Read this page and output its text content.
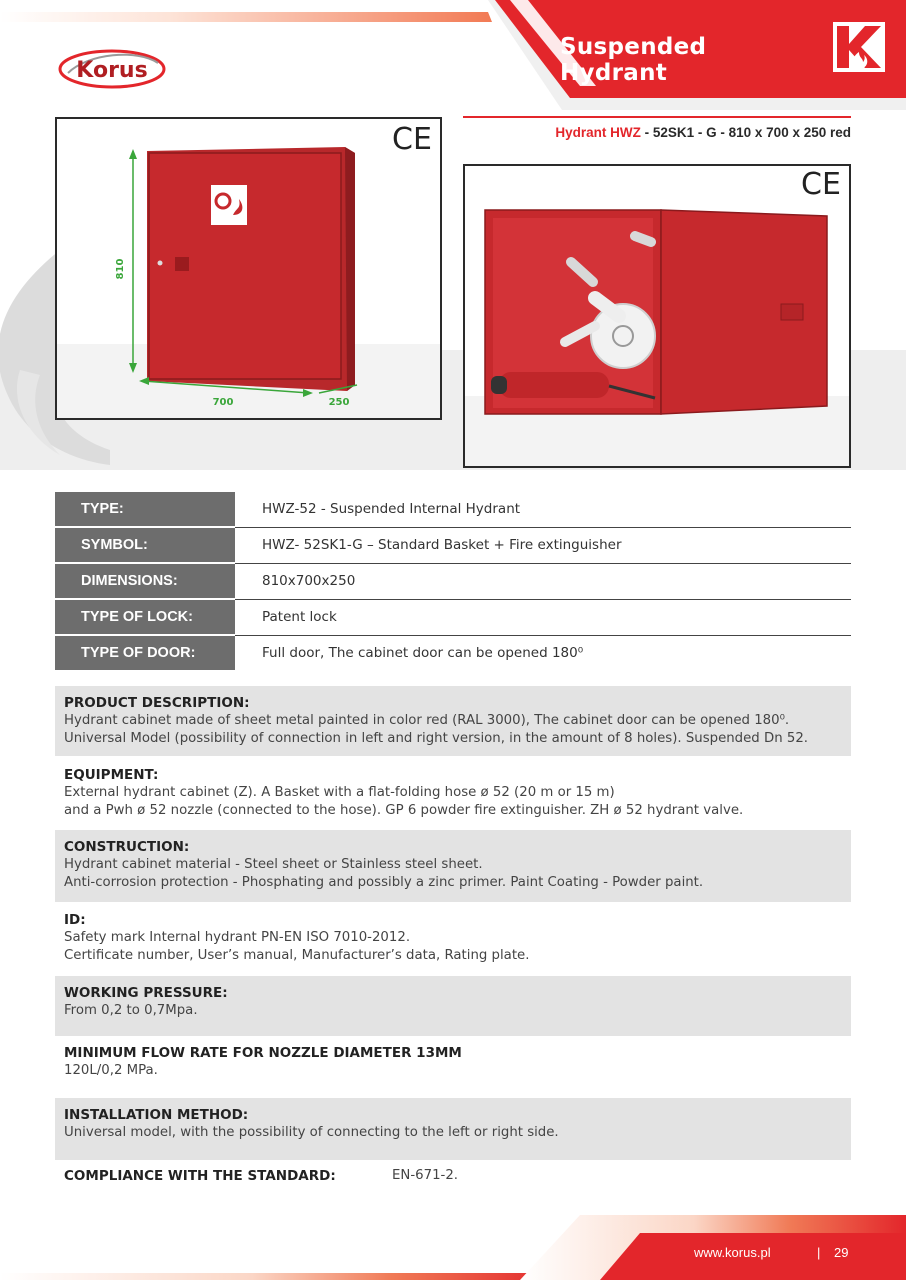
Suspended Hydrant
Korus
810
700	250
CE	Hydrant HWZ - 52SK1 - G - 810 x 700 x 250 red
CE
TYPE:	HWZ-52 - Suspended Internal Hydrant
SYMBOL:	HWZ- 52SK1-G – Standard Basket + Fire extinguisher
DIMENSIONS:	810x700x250
TYPE OF LOCK:	Patent lock
TYPE OF DOOR:	Full door, The cabinet door can be opened 180⁰
PRODUCT DESCRIPTION:
Hydrant cabinet made of sheet metal painted in color red (RAL 3000), The cabinet door can be opened 180⁰.
Universal Model (possibility of connection in left and right version, in the amount of 8 holes). Suspended Dn 52.
EQUIPMENT:
External hydrant cabinet (Z). A Basket with a flat-folding hose ø 52 (20 m or 15 m)
and a Pwh ø 52 nozzle (connected to the hose). GP 6 powder fire extinguisher. ZH ø 52 hydrant valve.
CONSTRUCTION:
Hydrant cabinet material - Steel sheet or Stainless steel sheet.
Anti-corrosion protection - Phosphating and possibly a zinc primer. Paint Coating - Powder paint.
ID:
Safety mark Internal hydrant PN-EN ISO 7010-2012.
Certificate number, User’s manual, Manufacturer’s data, Rating plate.
WORKING PRESSURE:
From 0,2 to 0,7Mpa.
MINIMUM FLOW RATE FOR NOZZLE DIAMETER 13MM
120L/0,2 MPa.
INSTALLATION METHOD:
Universal model, with the possibility of connecting to the left or right side.
COMPLIANCE WITH THE STANDARD:	EN-671-2.
www.korus.pl	| 29
